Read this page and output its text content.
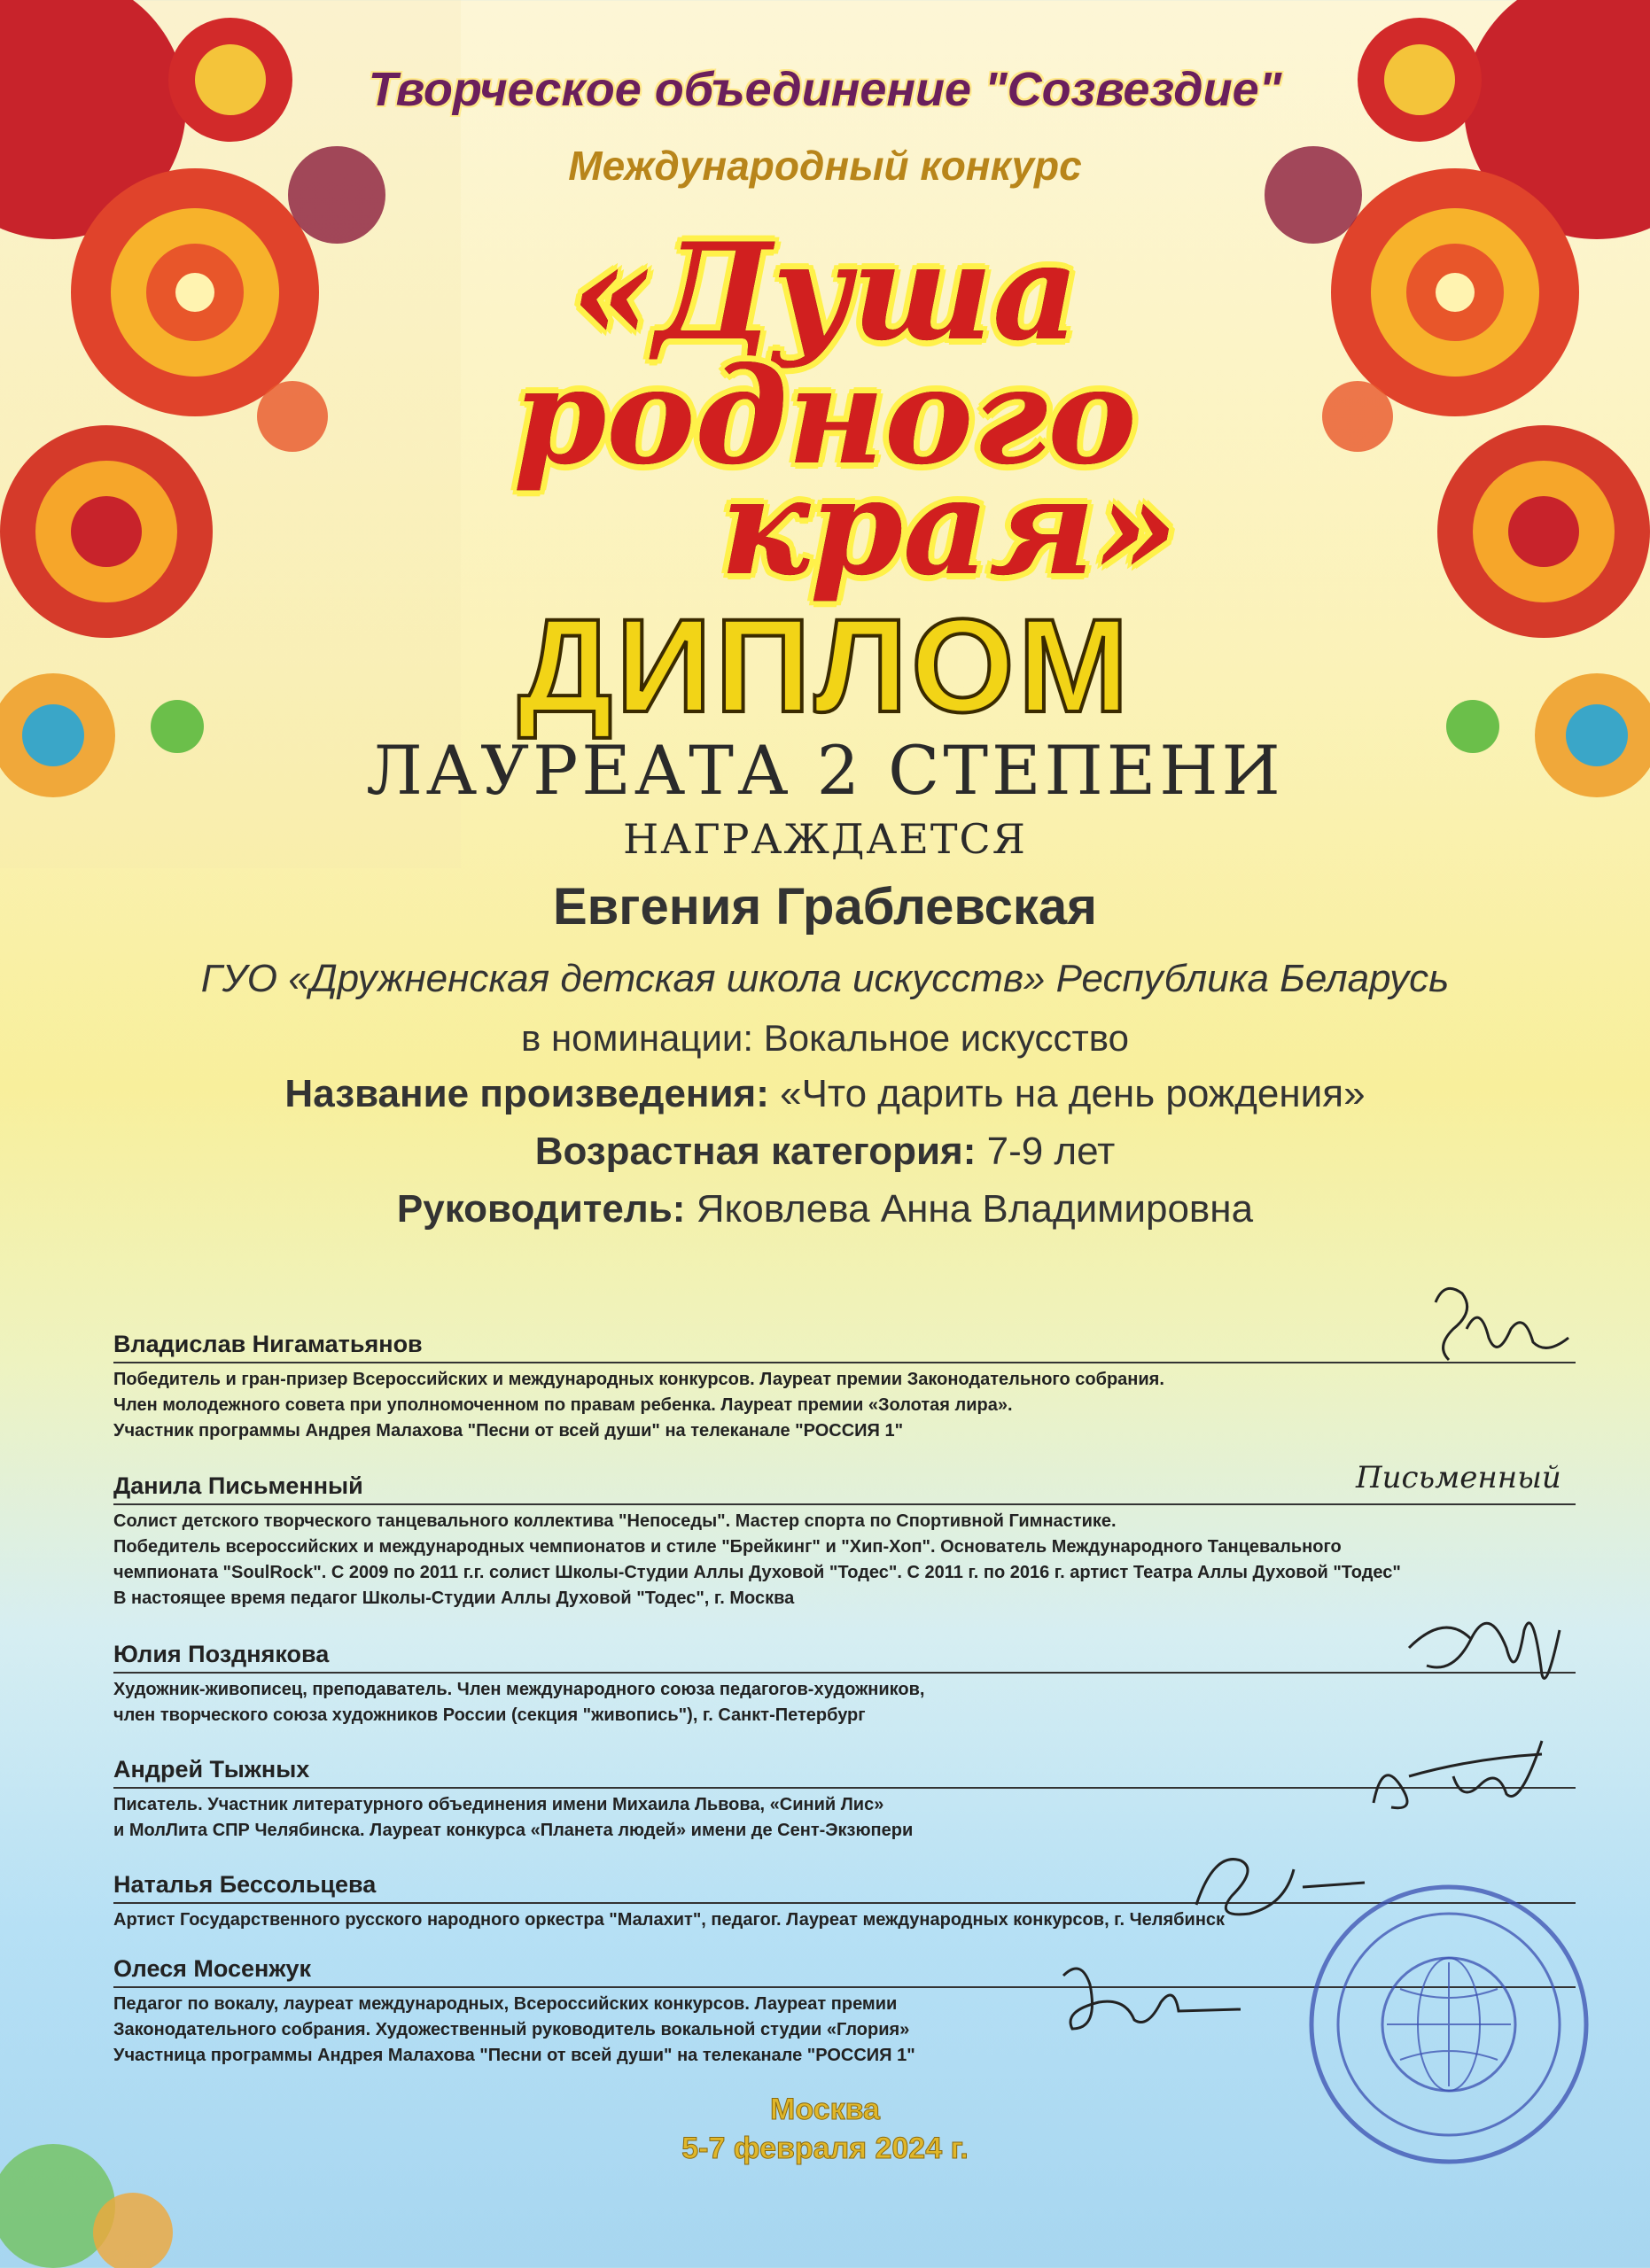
Творческое объединение "Созвездие"
Международный конкурс
«Душа
родного
края»
ДИПЛОМ
ЛАУРЕАТА 2 СТЕПЕНИ
НАГРАЖДАЕТСЯ
Евгения Граблевская
ГУО «Дружненская детская школа искусств» Республика Беларусь
в номинации: Вокальное искусство
Название произведения: «Что дарить на день рождения»
Возрастная категория: 7-9 лет
Руководитель: Яковлева Анна Владимировна
Владислав Нигаматьянов
Победитель и гран-призер Всероссийских и международных конкурсов. Лауреат премии Законодательного собрания.
Член молодежного совета при уполномоченном по правам ребенка. Лауреат премии «Золотая лира».
Участник программы Андрея Малахова "Песни от всей души" на телеканале "РОССИЯ 1"
Данила Письменный
Солист детского творческого танцевального коллектива "Непоседы". Мастер спорта по Спортивной Гимнастике.
Победитель всероссийских и международных чемпионатов и стиле "Брейкинг" и "Хип-Хоп". Основатель Международного Танцевального
чемпионата "SoulRock". С 2009 по 2011 г.г. солист Школы-Студии Аллы Духовой "Тодес". С 2011 г. по 2016 г. артист Театра Аллы Духовой "Тодес"
В настоящее время педагог Школы-Студии Аллы Духовой "Тодес", г. Москва
Юлия Позднякова
Художник-живописец, преподаватель. Член международного союза педагогов-художников,
член творческого союза художников России (секция "живопись"), г. Санкт-Петербург
Андрей Тыжных
Писатель. Участник литературного объединения имени Михаила Львова, «Синий Лис»
и МолЛита СПР Челябинска. Лауреат конкурса «Планета людей» имени де Сент-Экзюпери
Наталья Бессольцева
Артист Государственного русского народного оркестра "Малахит", педагог. Лауреат международных конкурсов, г. Челябинск
Олеся Мосенжук
Педагог по вокалу, лауреат международных, Всероссийских конкурсов. Лауреат премии
Законодательного собрания. Художественный руководитель вокальной студии «Глория»
Участница программы Андрея Малахова "Песни от всей души" на телеканале "РОССИЯ 1"
Письменный
Москва
5-7 февраля 2024 г.
